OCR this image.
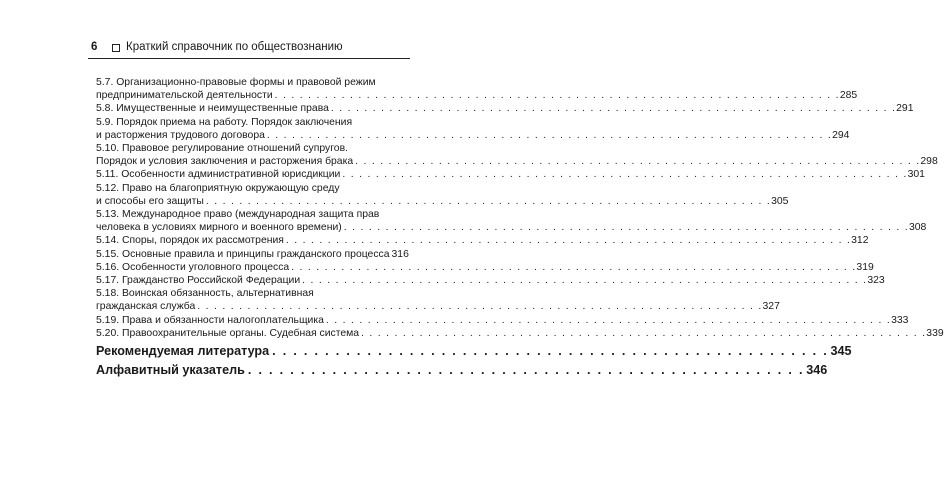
6 Краткий справочник по обществознанию
5.7. Организационно-правовые формы и правовой режим
предпринимательской деятельности . . .	285
5.8. Имущественные и неимущественные права . . .	291
5.9. Порядок приема на работу. Порядок заключения
и расторжения трудового договора . . .	294
5.10. Правовое регулирование отношений супругов.
Порядок и условия заключения и расторжения брака . . .	298
5.11. Особенности административной юрисдикции . . .	301
5.12. Право на благоприятную окружающую среду
и способы его защиты . . .	305
5.13. Международное право (международная защита прав
человека в условиях мирного и военного времени) . . .	308
5.14. Споры, порядок их рассмотрения . . .	312
5.15. Основные правила и принципы гражданского процесса . . . 316
5.16. Особенности уголовного процесса . . .	319
5.17. Гражданство Российской Федерации . . .	323
5.18. Воинская обязанность, альтернативная
гражданская служба . . .	327
5.19. Права и обязанности налогоплательщика . . .	333
5.20. Правоохранительные органы. Судебная система . . .	339
Рекомендуемая литература . . .	345
Алфавитный указатель . . .	346
